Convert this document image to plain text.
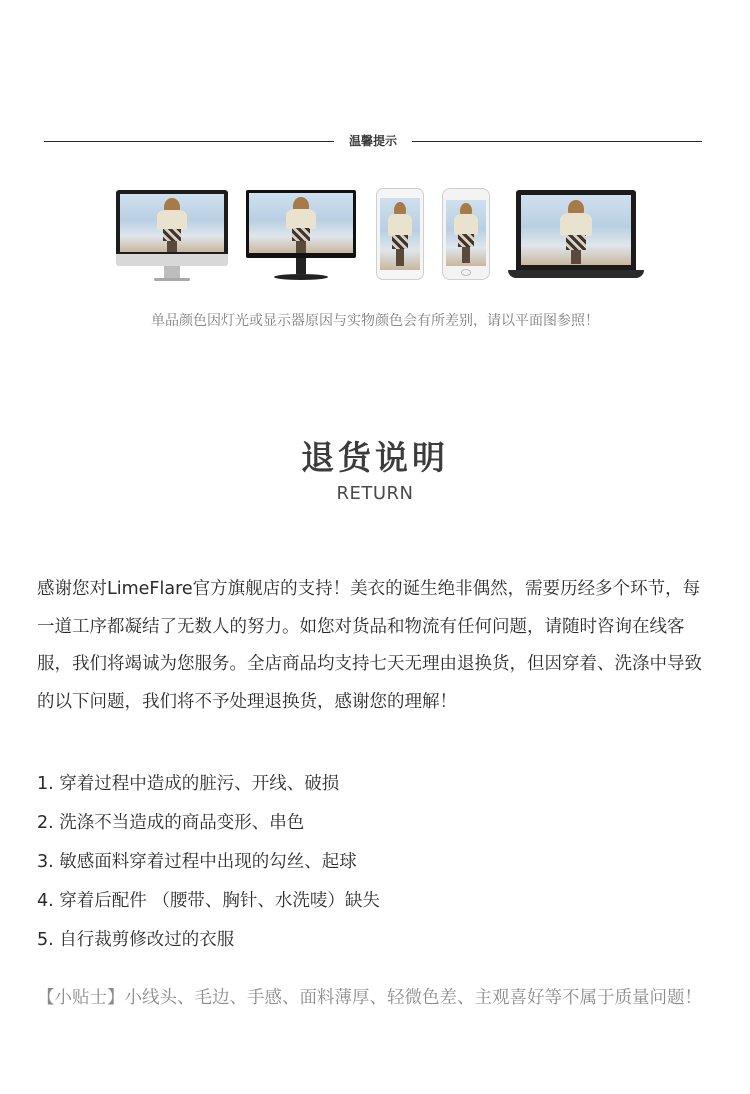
温馨提示
单品颜色因灯光或显示器原因与实物颜色会有所差别，请以平面图参照！
退货说明
RETURN
感谢您对LimeFlare官方旗舰店的支持！美衣的诞生绝非偶然，需要历经多个环节，每一道工序都凝结了无数人的努力。如您对货品和物流有任何问题，请随时咨询在线客服，我们将竭诚为您服务。全店商品均支持七天无理由退换货，但因穿着、洗涤中导致的以下问题，我们将不予处理退换货，感谢您的理解！
1. 穿着过程中造成的脏污、开线、破损
2. 洗涤不当造成的商品变形、串色
3. 敏感面料穿着过程中出现的勾丝、起球
4. 穿着后配件 （腰带、胸针、水洗唛）缺失
5. 自行裁剪修改过的衣服
【小贴士】小线头、毛边、手感、面料薄厚、轻微色差、主观喜好等不属于质量问题！
